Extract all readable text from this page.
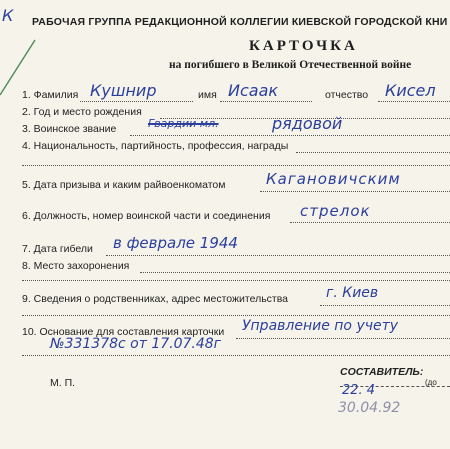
К РАБОЧАЯ ГРУППА РЕДАКЦИОННОЙ КОЛЛЕГИИ КИЕВСКОЙ ГОРОДСКОЙ КНИ
КАРТОЧКА
на погибшего в Великой Отечественной войне
1. Фамилия Кушнир	имя Исаак	отчество Кисел
2. Год и место рождения
3. Воинское звание	Гвардии мл.	рядовой
4. Национальность, партийность, профессия, награды
5. Дата призыва и каким райвоенкоматом	Кагановичским
6. Должность, номер воинской части и соединения стрелок
7. Дата гибели в феврале 1944
8. Место захоронения
9. Сведения о родственниках, адрес местожительства	г. Киев
10. Основание для составления карточки Управление по учету
№331378с от 17.07.48г
СОСТАВИТЕЛЬ:
(до
М. П.	22. 4
30.04.92
